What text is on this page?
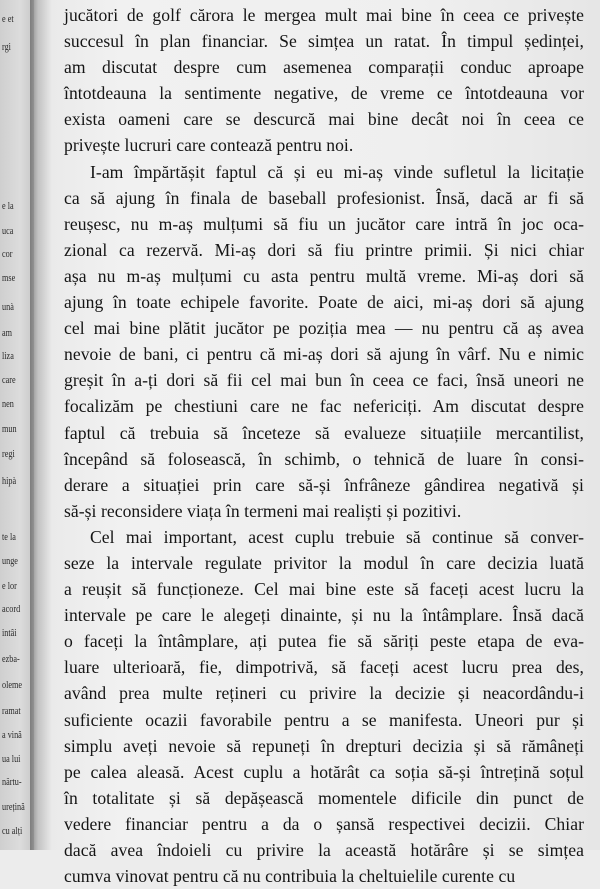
e et
rgi
e la
uca
cor
mse
unà
am
liza
care
nen
mun
regi
hipà
te la
unge
e lor
acord
intâi
ezba-
oleme
ramat
a vină
ua lui
närtu-
urețină
cu alți
jucători de golf cărora le mergea mult mai bine în ceea ce privește
succesul în plan financiar. Se simțea un ratat. În timpul ședinței,
am discutat despre cum asemenea comparații conduc aproape
întotdeauna la sentimente negative, de vreme ce întotdeauna vor
exista oameni care se descurcă mai bine decât noi în ceea ce
privește lucruri care contează pentru noi.
I-am împărtășit faptul că și eu mi-aș vinde sufletul la licitație
ca să ajung în finala de baseball profesionist. Însă, dacă ar fi să
reușesc, nu m-aș mulțumi să fiu un jucător care intră în joc oca-
zional ca rezervă. Mi-aș dori să fiu printre primii. Și nici chiar
așa nu m-aș mulțumi cu asta pentru multă vreme. Mi-aș dori să
ajung în toate echipele favorite. Poate de aici, mi-aș dori să ajung
cel mai bine plătit jucător pe poziția mea — nu pentru că aș avea
nevoie de bani, ci pentru că mi-aș dori să ajung în vârf. Nu e nimic
greșit în a-ți dori să fii cel mai bun în ceea ce faci, însă uneori ne
focalizăm pe chestiuni care ne fac nefericiți. Am discutat despre
faptul că trebuia să înceteze să evalueze situațiile mercantilist,
începând să folosească, în schimb, o tehnică de luare în consi-
derare a situației prin care să-și înfrâneze gândirea negativă și
să-și reconsidere viața în termeni mai realiști și pozitivi.
Cel mai important, acest cuplu trebuie să continue să conver-
seze la intervale regulate privitor la modul în care decizia luată
a reușit să funcționeze. Cel mai bine este să faceți acest lucru la
intervale pe care le alegeți dinainte, și nu la întâmplare. Însă dacă
o faceți la întâmplare, ați putea fie să săriți peste etapa de eva-
luare ulterioară, fie, dimpotrivă, să faceți acest lucru prea des,
având prea multe rețineri cu privire la decizie și neacordându-i
suficiente ocazii favorabile pentru a se manifesta. Uneori pur și
simplu aveți nevoie să repuneți în drepturi decizia și să rămâneți
pe calea aleasă. Acest cuplu a hotărât ca soția să-și întrețină soțul
în totalitate și să depășească momentele dificile din punct de
vedere financiar pentru a da o șansă respectivei decizii. Chiar
dacă avea îndoieli cu privire la această hotărâre și se simțea
cumva vinovat pentru că nu contribuia la cheltuielile curente cu
